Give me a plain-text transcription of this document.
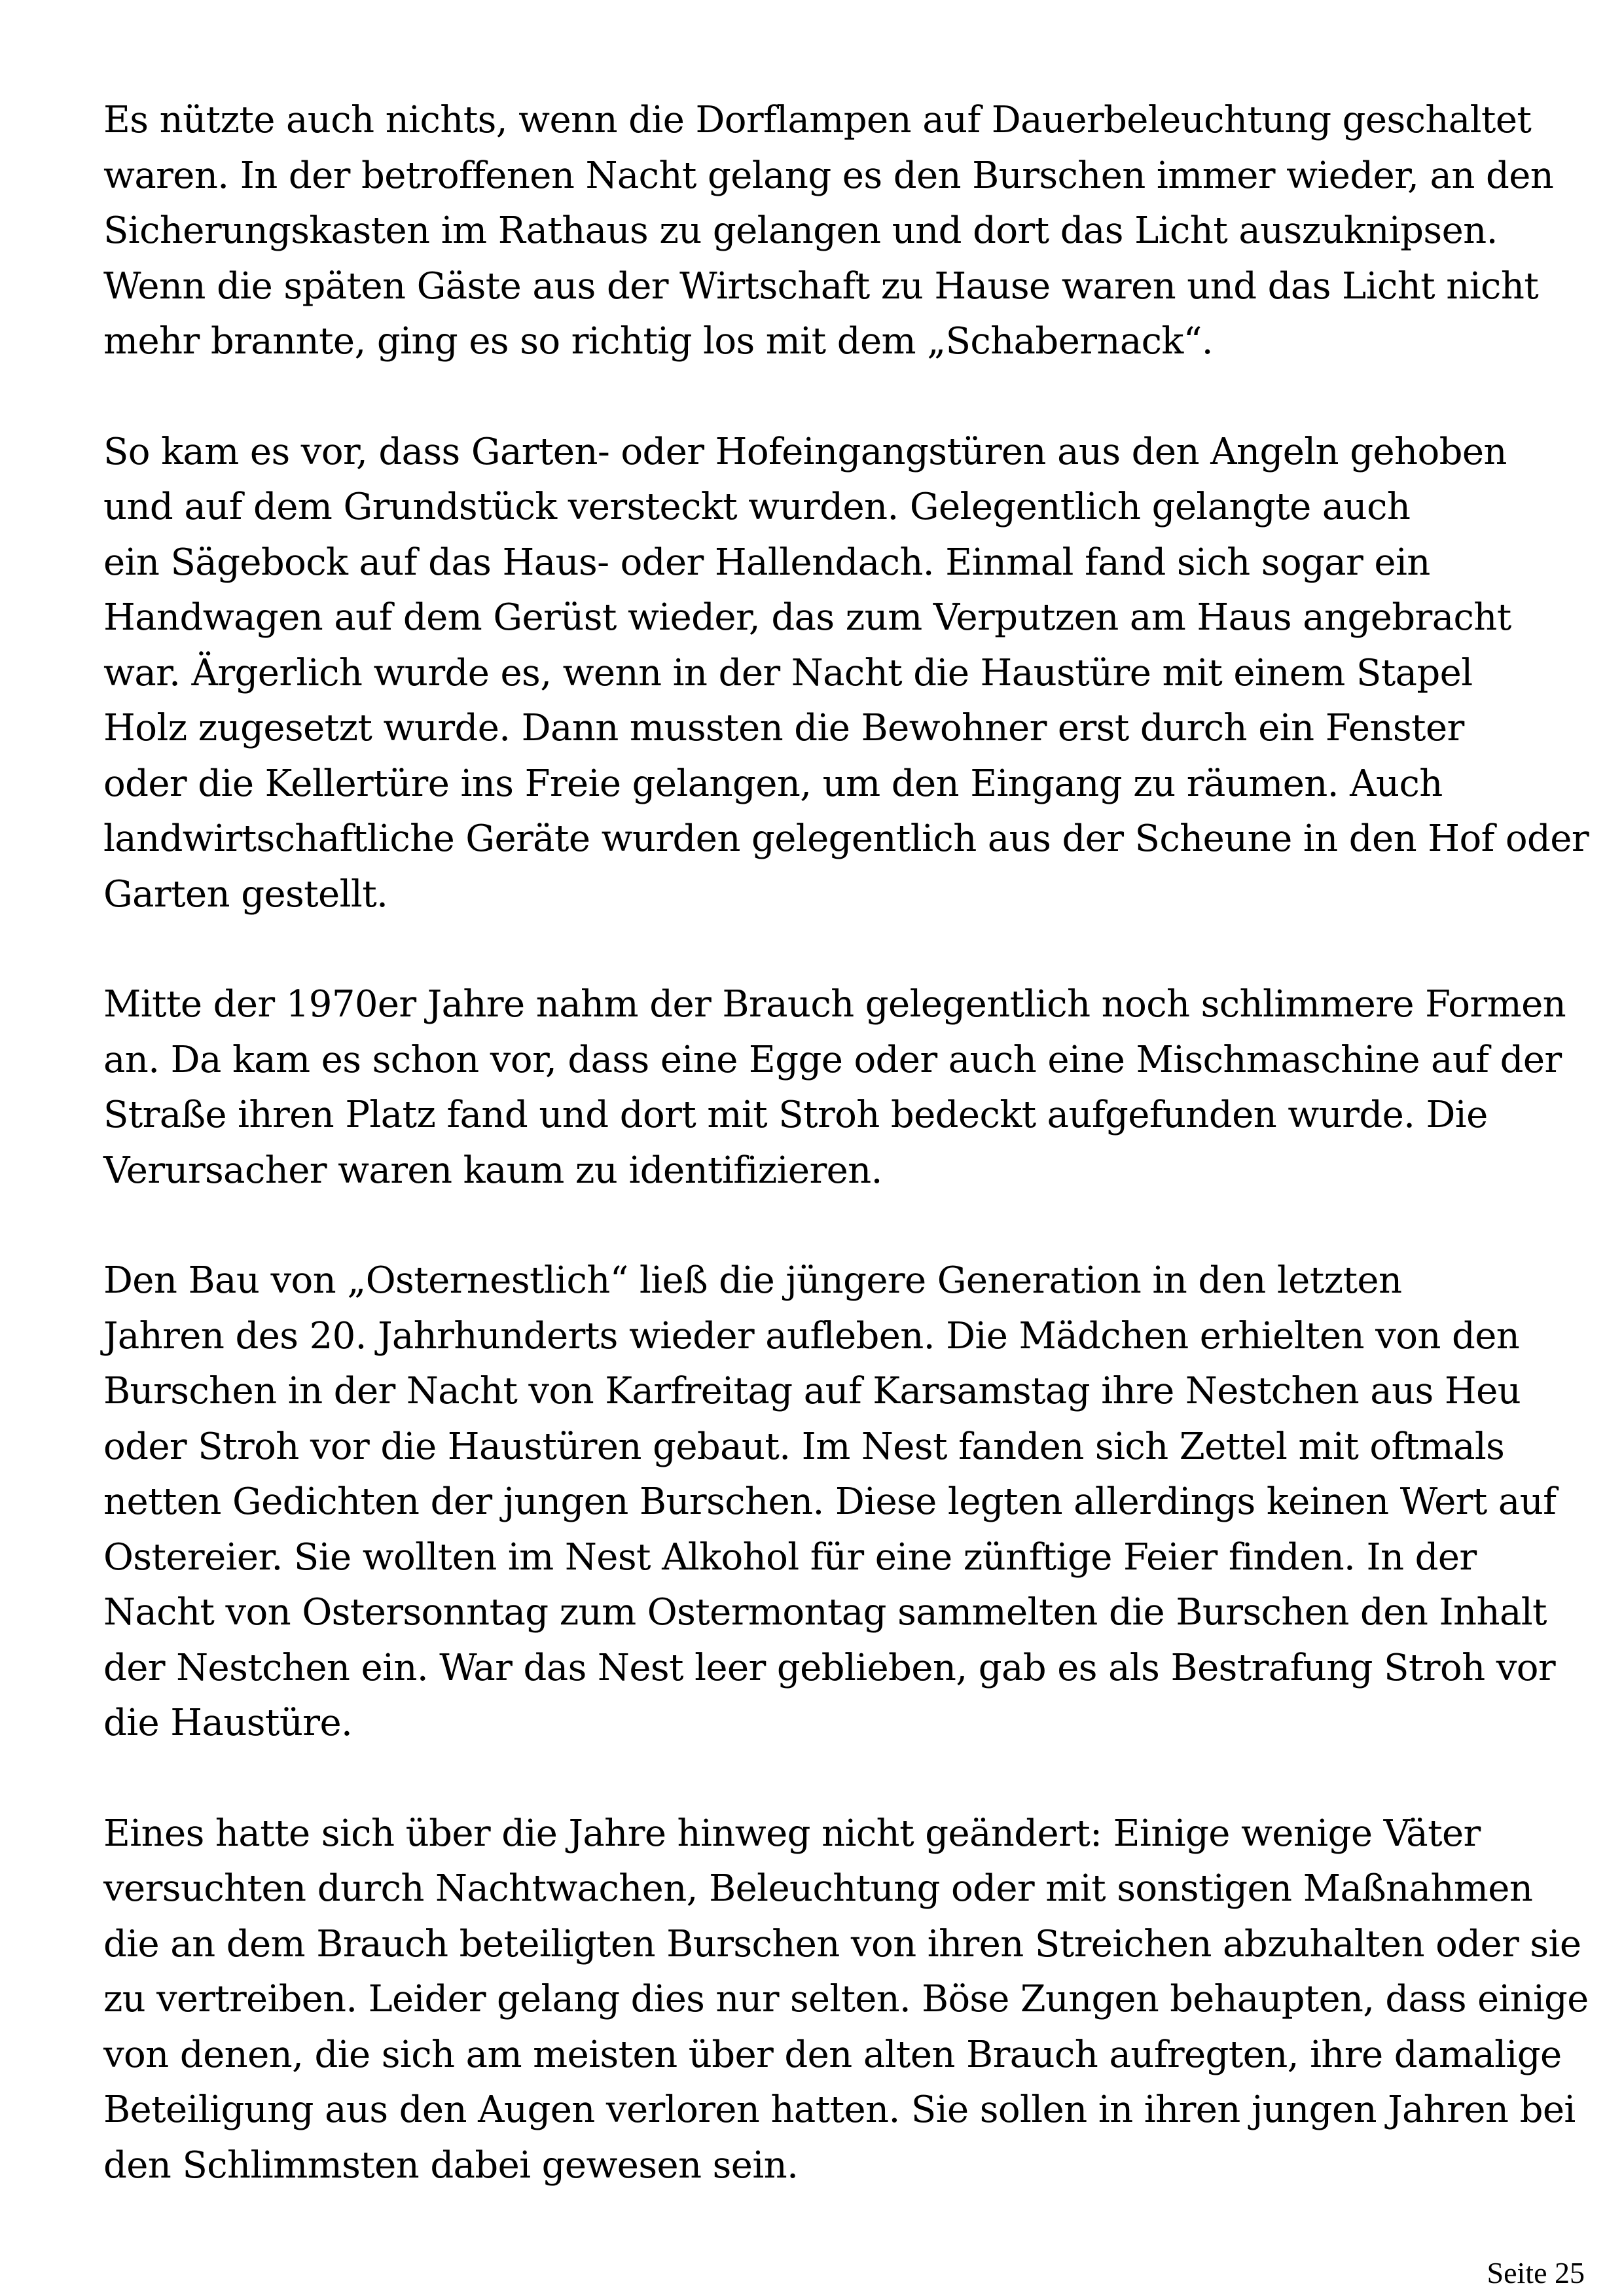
Es nützte auch nichts, wenn die Dorflampen auf Dauerbeleuchtung geschaltet
waren. In der betroffenen Nacht gelang es den Burschen immer wieder, an den
Sicherungskasten im Rathaus zu gelangen und dort das Licht auszuknipsen.
Wenn die späten Gäste aus der Wirtschaft zu Hause waren und das Licht nicht
mehr brannte, ging es so richtig los mit dem „Schabernack“.
So kam es vor, dass Garten- oder Hofeingangstüren aus den Angeln gehoben
und auf dem Grundstück versteckt wurden. Gelegentlich gelangte auch
ein Sägebock auf das Haus- oder Hallendach. Einmal fand sich sogar ein
Handwagen auf dem Gerüst wieder, das zum Verputzen am Haus angebracht
war. Ärgerlich wurde es, wenn in der Nacht die Haustüre mit einem Stapel
Holz zugesetzt wurde. Dann mussten die Bewohner erst durch ein Fenster
oder die Kellertüre ins Freie gelangen, um den Eingang zu räumen. Auch
landwirtschaftliche Geräte wurden gelegentlich aus der Scheune in den Hof oder
Garten gestellt.
Mitte der 1970er Jahre nahm der Brauch gelegentlich noch schlimmere Formen
an. Da kam es schon vor, dass eine Egge oder auch eine Mischmaschine auf der
Straße ihren Platz fand und dort mit Stroh bedeckt aufgefunden wurde. Die
Verursacher waren kaum zu identifizieren.
Den Bau von „Osternestlich“ ließ die jüngere Generation in den letzten
Jahren des 20. Jahrhunderts wieder aufleben. Die Mädchen erhielten von den
Burschen in der Nacht von Karfreitag auf Karsamstag ihre Nestchen aus Heu
oder Stroh vor die Haustüren gebaut. Im Nest fanden sich Zettel mit oftmals
netten Gedichten der jungen Burschen. Diese legten allerdings keinen Wert auf
Ostereier. Sie wollten im Nest Alkohol für eine zünftige Feier finden. In der
Nacht von Ostersonntag zum Ostermontag sammelten die Burschen den Inhalt
der Nestchen ein. War das Nest leer geblieben, gab es als Bestrafung Stroh vor
die Haustüre.
Eines hatte sich über die Jahre hinweg nicht geändert: Einige wenige Väter
versuchten durch Nachtwachen, Beleuchtung oder mit sonstigen Maßnahmen
die an dem Brauch beteiligten Burschen von ihren Streichen abzuhalten oder sie
zu vertreiben. Leider gelang dies nur selten. Böse Zungen behaupten, dass einige
von denen, die sich am meisten über den alten Brauch aufregten, ihre damalige
Beteiligung aus den Augen verloren hatten. Sie sollen in ihren jungen Jahren bei
den Schlimmsten dabei gewesen sein.
Seite 25
